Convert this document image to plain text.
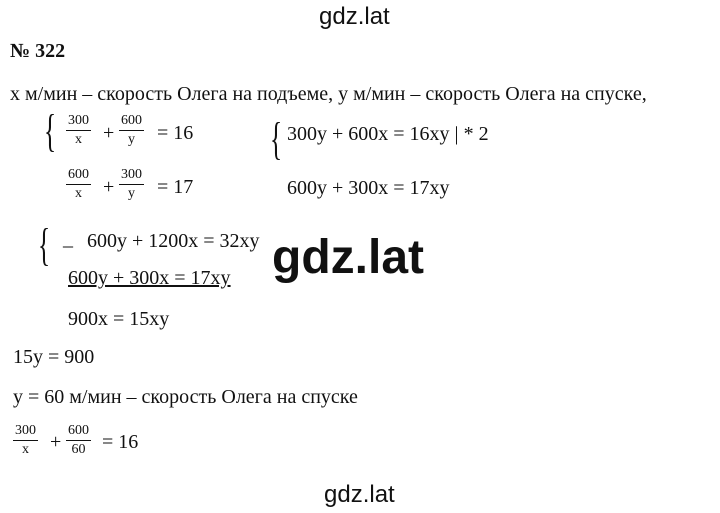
gdz.lat
gdz.lat
gdz.lat
№ 322
х м/мин – скорость Олега на подъеме, у м/мин – скорость Олега на спуске,
{ $\frac{300}{x} + \frac{600}{y} = 16$
$\frac{600}{x} + \frac{300}{y} = 17$
{ 300y + 600x = 16xy | * 2
600y + 300x = 17xy
{ _ 600y + 1200x = 32xy
600y + 300x = 17xy
900x = 15xy
15y = 900
y = 60 м/мин – скорость Олега на спуске
$\frac{300}{x} + \frac{600}{60} = 16$
